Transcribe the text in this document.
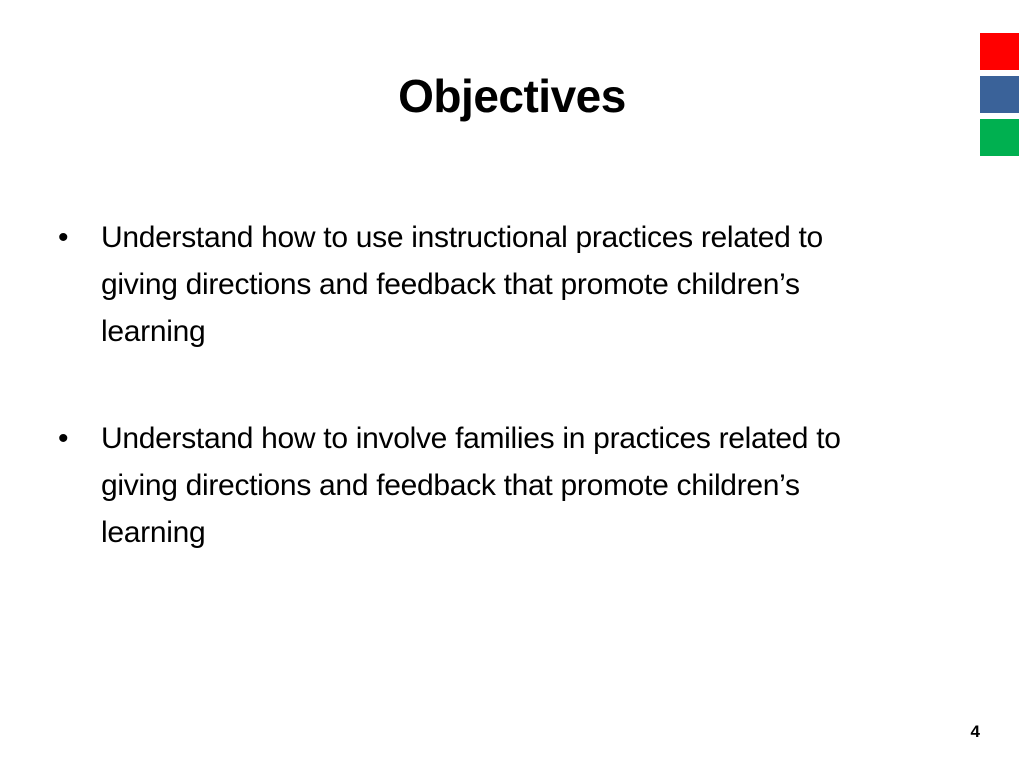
Objectives
• Understand how to use instructional practices related to giving directions and feedback that promote children’s learning
• Understand how to involve families in practices related to giving directions and feedback that promote children’s learning
4
